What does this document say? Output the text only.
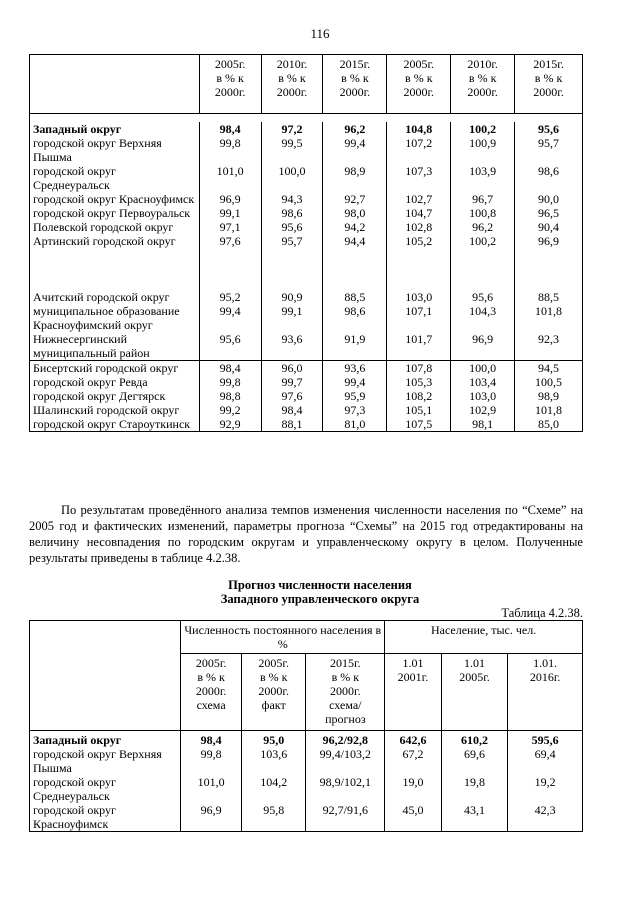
116
	2005г.
в % к
2000г.	2010г.
в % к
2000г.	2015г.
в % к
2000г.	2005г.
в % к
2000г.	2010г.
в % к
2000г.	2015г.
в % к
2000г.

Западный округ	98,4	97,2	96,2	104,8	100,2	95,6
городской округ Верхняя Пышма	99,8	99,5	99,4	107,2	100,9	95,7
городской округ Среднеуральск	101,0	100,0	98,9	107,3	103,9	98,6
городской округ Красноуфимск	96,9	94,3	92,7	102,7	96,7	90,0
городской округ Первоуральск	99,1	98,6	98,0	104,7	100,8	96,5
Полевской городской округ	97,1	95,6	94,2	102,8	96,2	90,4
Артинский городской округ	97,6	95,7	94,4	105,2	100,2	96,9

Ачитский городской округ	95,2	90,9	88,5	103,0	95,6	88,5
муниципальное образование Красноуфимский округ	99,4	99,1	98,6	107,1	104,3	101,8
Нижнесергинский муниципальный район	95,6	93,6	91,9	101,7	96,9	92,3
Бисертский городской округ	98,4	96,0	93,6	107,8	100,0	94,5
городской округ Ревда	99,8	99,7	99,4	105,3	103,4	100,5
городской округ Дегтярск	98,8	97,6	95,9	108,2	103,0	98,9
Шалинский городской округ	99,2	98,4	97,3	105,1	102,9	101,8
городской округ Староуткинск	92,9	88,1	81,0	107,5	98,1	85,0

По результатам проведённого анализа темпов изменения численности населения по “Схеме” на 2005 год и фактических изменений, параметры прогноза “Схемы” на 2015 год отредактированы на величину несовпадения по городским округам и управленческому округу в целом. Полученные результаты приведены в таблице 4.2.38.

Прогноз численности населения
Западного управленческого округа
Таблица 4.2.38.
	Численность постоянного населения в %			Население, тыс. чел.		
	2005г.
в % к
2000г.
схема	2005г.
в % к
2000г.
факт	2015г.
в % к
2000г.
схема/
прогноз	1.01
2001г.	1.01
2005г.	1.01.
2016г.
Западный округ	98,4	95,0	96,2/92,8	642,6	610,2	595,6
городской округ Верхняя Пышма	99,8	103,6	99,4/103,2	67,2	69,6	69,4
городской округ Среднеуральск	101,0	104,2	98,9/102,1	19,0	19,8	19,2
городской округ Красноуфимск	96,9	95,8	92,7/91,6	45,0	43,1	42,3
